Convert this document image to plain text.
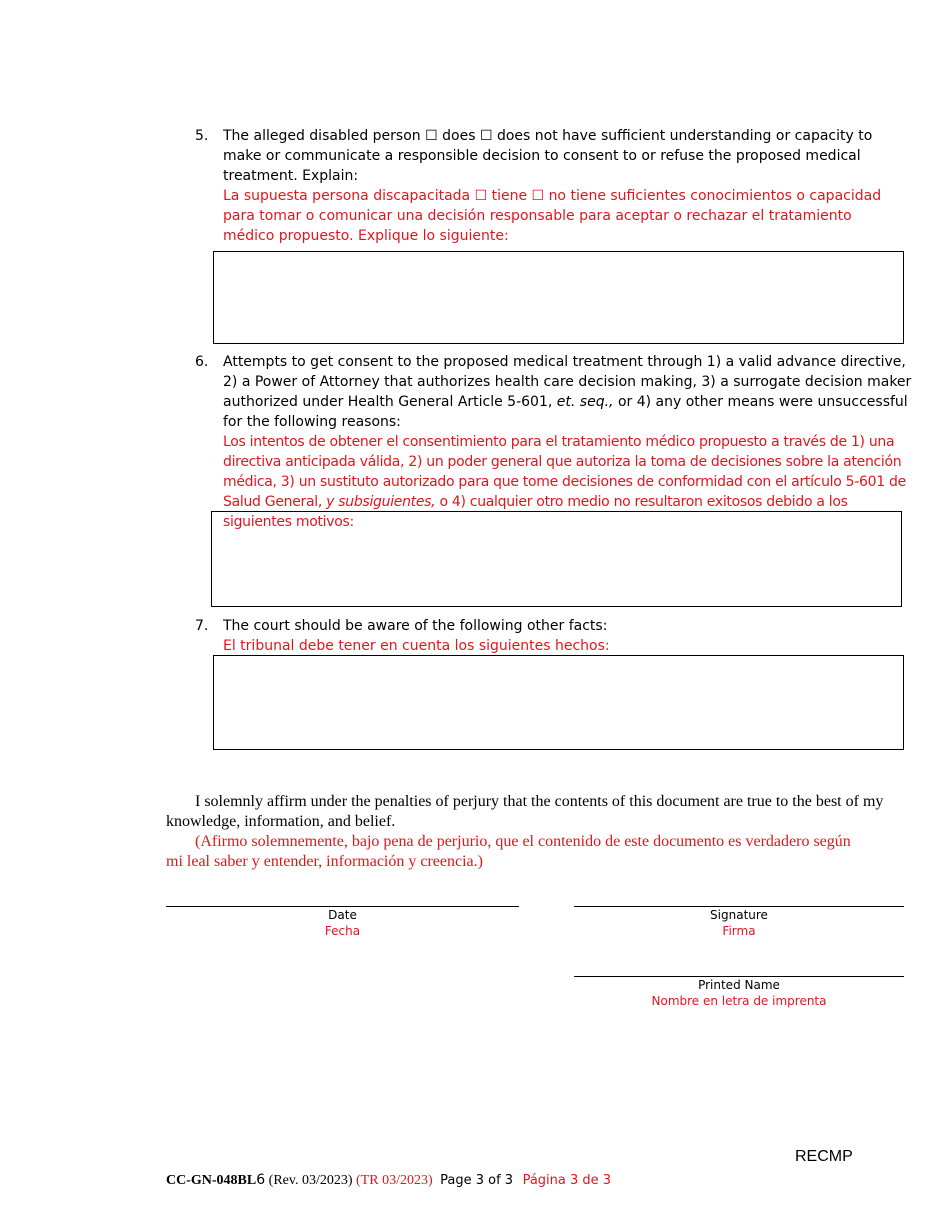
5.	The alleged disabled person ☐ does ☐ does not have sufficient understanding or capacity to make or communicate a responsible decision to consent to or refuse the proposed medical treatment. Explain:
La supuesta persona discapacitada ☐ tiene ☐ no tiene suficientes conocimientos o capacidad para tomar o comunicar una decisión responsable para aceptar o rechazar el tratamiento médico propuesto. Explique lo siguiente:
6.	Attempts to get consent to the proposed medical treatment through 1) a valid advance directive, 2) a Power of Attorney that authorizes health care decision making, 3) a surrogate decision maker authorized under Health General Article 5-601, et. seq., or 4) any other means were unsuccessful for the following reasons:
Los intentos de obtener el consentimiento para el tratamiento médico propuesto a través de 1) una directiva anticipada válida, 2) un poder general que autoriza la toma de decisiones sobre la atención médica, 3) un sustituto autorizado para que tome decisiones de conformidad con el artículo 5-601 de Salud General, y subsiguientes, o 4) cualquier otro medio no resultaron exitosos debido a los siguientes motivos:
7.	The court should be aware of the following other facts:
El tribunal debe tener en cuenta los siguientes hechos:
I solemnly affirm under the penalties of perjury that the contents of this document are true to the best of my knowledge, information, and belief.
(Afirmo solemnemente, bajo pena de perjurio, que el contenido de este documento es verdadero según mi leal saber y entender, información y creencia.)
Date
Fecha
Signature
Firma
Printed Name
Nombre en letra de imprenta
RECMP
CC-GN-048BL6 (Rev. 03/2023) (TR 03/2023) Page 3 of 3 Página 3 de 3
